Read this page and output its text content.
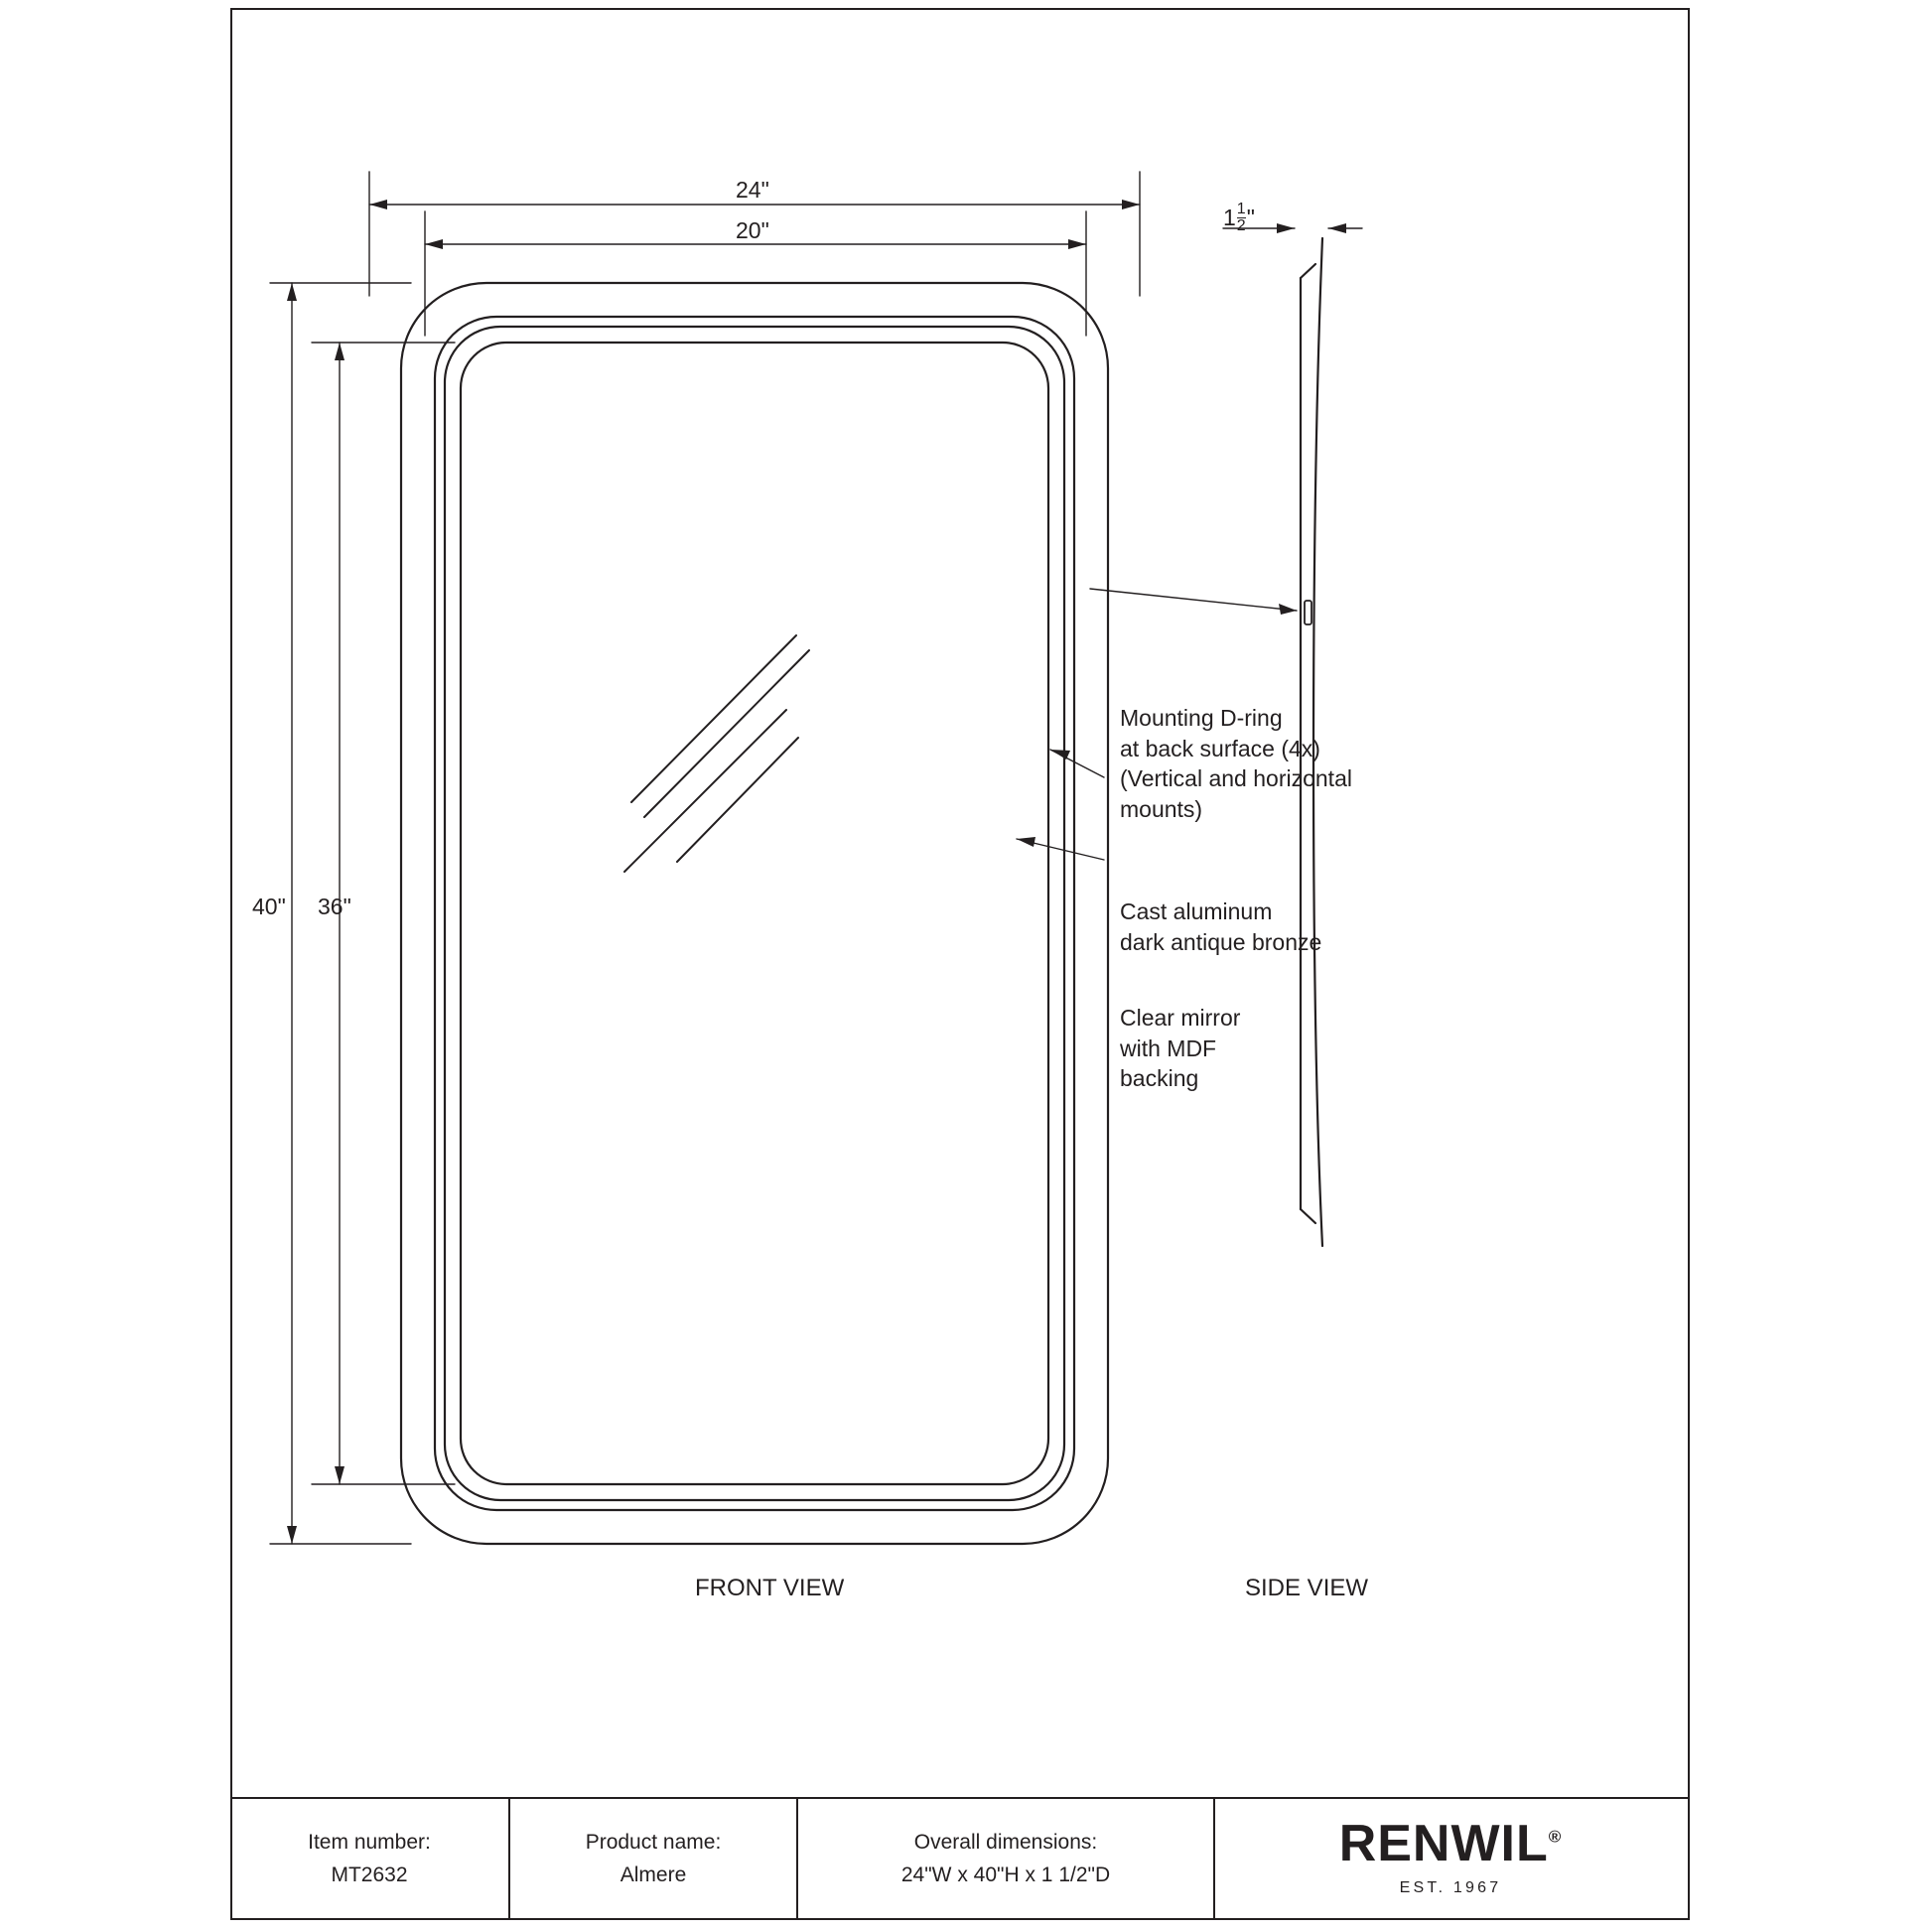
24"
20"
40" 36"
$1 \frac{1}{2}$ "
Mounting D-ring
at back surface (4x)
(Vertical and horizontal
mounts)
Cast aluminum
dark antique bronze
Clear mirror
with MDF
backing
FRONT VIEW	SIDE VIEW
Item number:
MT2632
Product name:
Almere
Overall dimensions:
24"W x 40"H x 1 1/2"D
RENWIL®
EST. 1967
